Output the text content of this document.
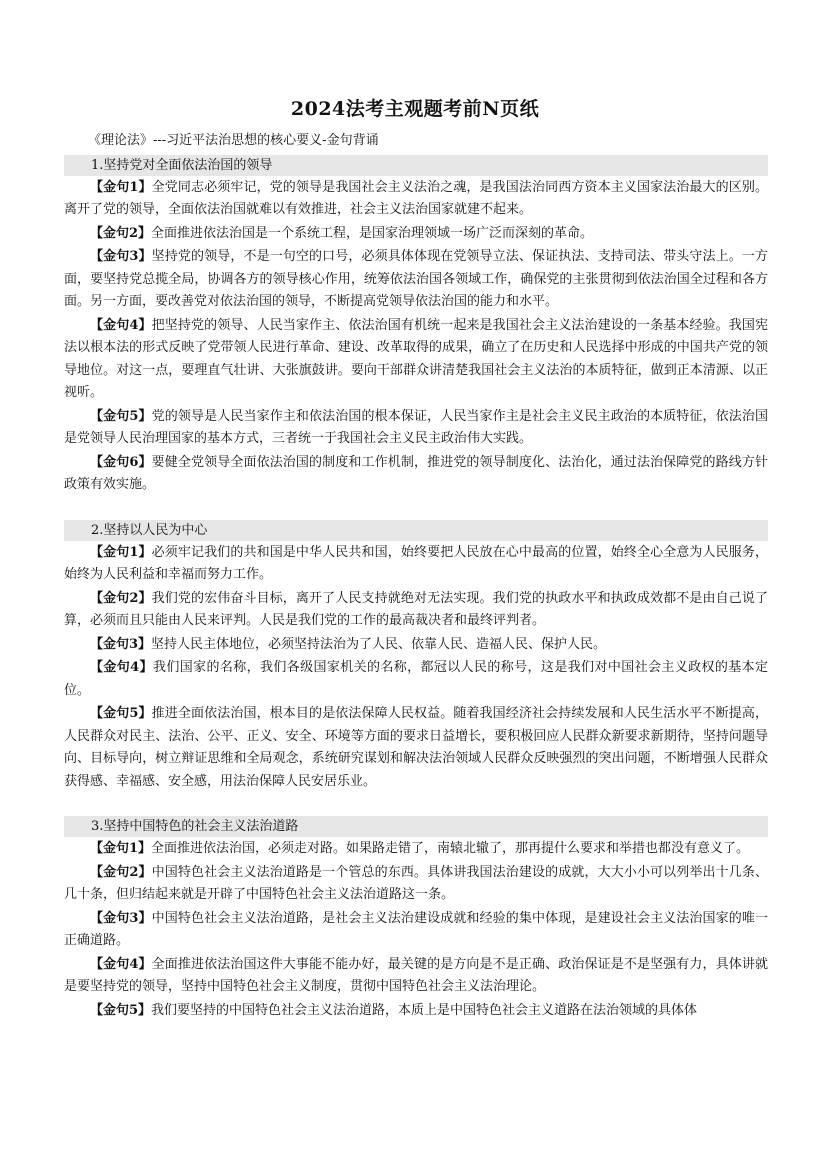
2024法考主观题考前N页纸
《理论法》---习近平法治思想的核心要义-金句背诵
1.坚持党对全面依法治国的领导

【金句1】全党同志必须牢记，党的领导是我国社会主义法治之魂，是我国法治同西方资本主义国家法治最大的区别。离开了党的领导，全面依法治国就难以有效推进，社会主义法治国家就建不起来。

【金句2】全面推进依法治国是一个系统工程，是国家治理领域一场广泛而深刻的革命。

【金句3】坚持党的领导，不是一句空的口号，必须具体体现在党领导立法、保证执法、支持司法、带头守法上。一方面，要坚持党总揽全局，协调各方的领导核心作用，统筹依法治国各领域工作，确保党的主张贯彻到依法治国全过程和各方面。另一方面，要改善党对依法治国的领导，不断提高党领导依法治国的能力和水平。

【金句4】把坚持党的领导、人民当家作主、依法治国有机统一起来是我国社会主义法治建设的一条基本经验。我国宪法以根本法的形式反映了党带领人民进行革命、建设、改革取得的成果，确立了在历史和人民选择中形成的中国共产党的领导地位。对这一点，要理直气壮讲、大张旗鼓讲。要向干部群众讲清楚我国社会主义法治的本质特征，做到正本清源、以正视听。

【金句5】党的领导是人民当家作主和依法治国的根本保证，人民当家作主是社会主义民主政治的本质特征，依法治国是党领导人民治理国家的基本方式，三者统一于我国社会主义民主政治伟大实践。

【金句6】要健全党领导全面依法治国的制度和工作机制，推进党的领导制度化、法治化，通过法治保障党的路线方针政策有效实施。

2.坚持以人民为中心

【金句1】必须牢记我们的共和国是中华人民共和国，始终要把人民放在心中最高的位置，始终全心全意为人民服务，始终为人民利益和幸福而努力工作。

【金句2】我们党的宏伟奋斗目标，离开了人民支持就绝对无法实现。我们党的执政水平和执政成效都不是由自己说了算，必须而且只能由人民来评判。人民是我们党的工作的最高裁决者和最终评判者。

【金句3】坚持人民主体地位，必须坚持法治为了人民、依靠人民、造福人民、保护人民。

【金句4】我们国家的名称，我们各级国家机关的名称，都冠以人民的称号，这是我们对中国社会主义政权的基本定位。

【金句5】推进全面依法治国，根本目的是依法保障人民权益。随着我国经济社会持续发展和人民生活水平不断提高，人民群众对民主、法治、公平、正义、安全、环境等方面的要求日益增长，要积极回应人民群众新要求新期待，坚持问题导向、目标导向，树立辩证思维和全局观念，系统研究谋划和解决法治领域人民群众反映强烈的突出问题，不断增强人民群众获得感、幸福感、安全感，用法治保障人民安居乐业。

3.坚持中国特色的社会主义法治道路

【金句1】全面推进依法治国，必须走对路。如果路走错了，南辕北辙了，那再提什么要求和举措也都没有意义了。

【金句2】中国特色社会主义法治道路是一个管总的东西。具体讲我国法治建设的成就，大大小小可以列举出十几条、几十条，但归结起来就是开辟了中国特色社会主义法治道路这一条。

【金句3】中国特色社会主义法治道路，是社会主义法治建设成就和经验的集中体现，是建设社会主义法治国家的唯一正确道路。

【金句4】全面推进依法治国这件大事能不能办好，最关键的是方向是不是正确、政治保证是不是坚强有力，具体讲就是要坚持党的领导，坚持中国特色社会主义制度，贯彻中国特色社会主义法治理论。

【金句5】我们要坚持的中国特色社会主义法治道路，本质上是中国特色社会主义道路在法治领域的具体体
